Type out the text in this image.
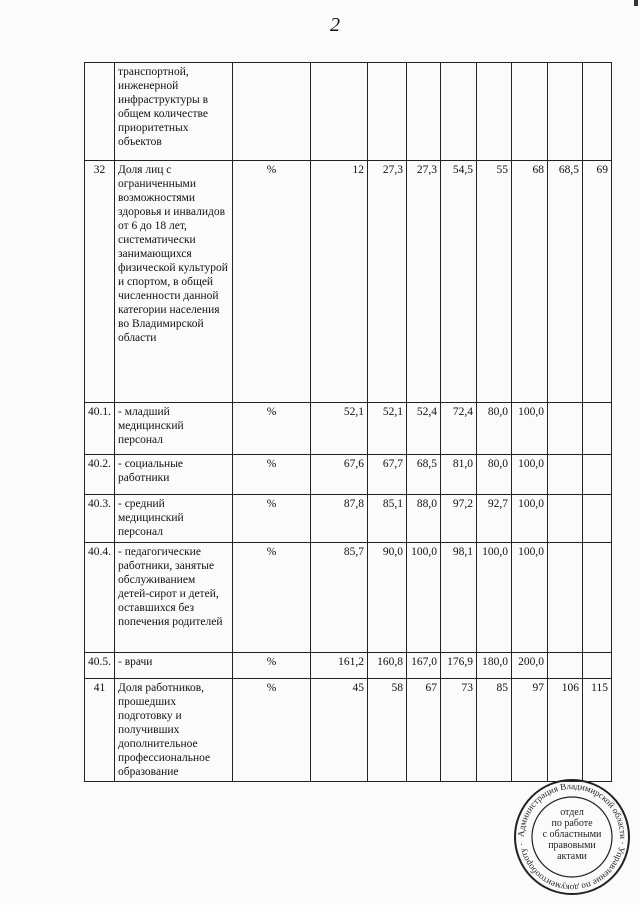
2
	транспортной, инженерной инфраструктуры в общем количестве приоритетных объектов									
32	Доля лиц с ограниченными возможностями здоровья и инвалидов от 6 до 18 лет, систематически занимающихся физической культурой и спортом, в общей численности данной категории населения во Владимирской области	%	12	27,3	27,3	54,5	55	68	68,5	69
40.1.	- младший медицинский персонал	%	52,1	52,1	52,4	72,4	80,0	100,0		
40.2.	- социальные работники	%	67,6	67,7	68,5	81,0	80,0	100,0		
40.3.	- средний медицинский персонал	%	87,8	85,1	88,0	97,2	92,7	100,0		
40.4.	- педагогические работники, занятые обслуживанием детей-сирот и детей, оставшихся без попечения родителей	%	85,7	90,0	100,0	98,1	100,0	100,0		
40.5.	- врачи	%	161,2	160,8	167,0	176,9	180,0	200,0		
41	Доля работников, прошедших подготовку и получивших дополнительное профессиональное образование	%	45	58	67	73	85	97	106	115
Администрация Владимирской области · Управление по документообороту ·
отдел
по работе
с областными
правовыми
актами
